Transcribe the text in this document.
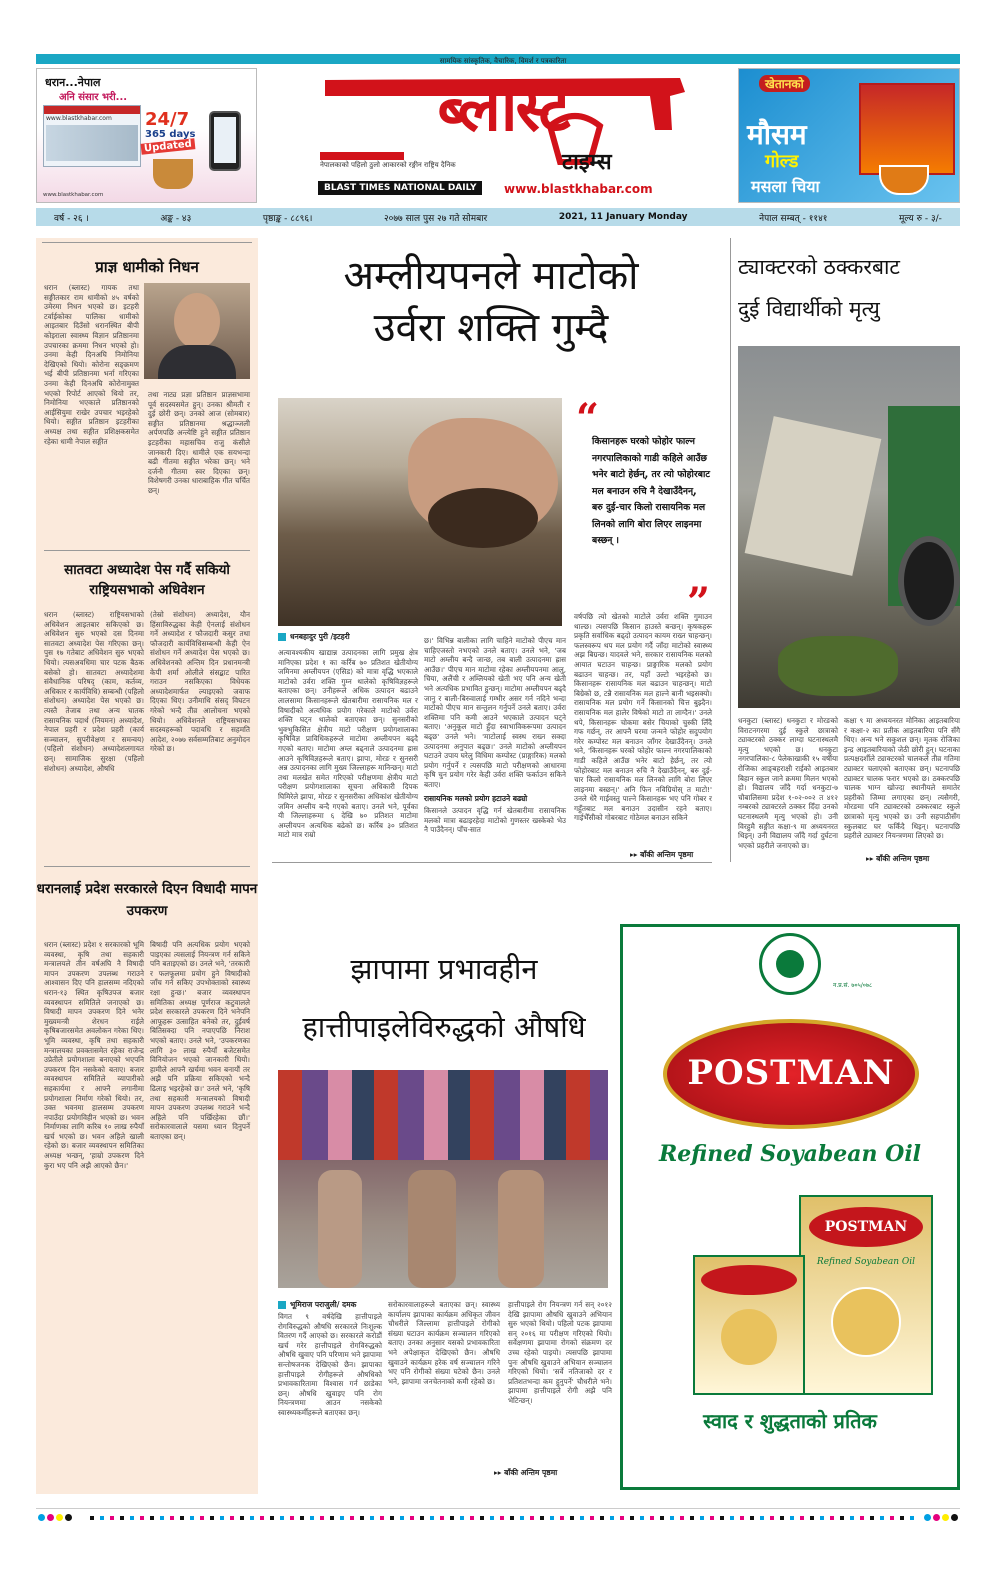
सामयिक सांस्कृतिक, वैचारिक, विमर्श र पत्रकारिता
धरान...नेपाल
अनि संसार भरी...
www.blastkhabar.com	24/7
365 days
Updated
www.blastkhabar.com
ब्लास्ट
टाइम्स
नेपालकाको पहिलो ठुलो आकारको रङ्गीन राष्ट्रिय दैनिक
BLAST TIMES NATIONAL DAILY	www.blastkhabar.com
खेतानको
मौसम
गोल्ड
मसला चिया
वर्ष - २६ ।	अङ्क - ४३	पृष्ठाङ्क - ८८९६।	२०७७ साल पुस २७ गते सोमबार	2021, 11 January Monday	नेपाल सम्बत् - ११४१	मूल्य रु - ३/-
प्राज्ञ धामीको निधन
धरान (ब्लास्ट) गायक तथा सङ्गीतकार राम धामीको ४५ वर्षको उमेरमा निधन भएको छ। इटहरी टर्वाईकोका पालिका धामीको आइतबार दिउँसो धरानस्थित बीपी कोइराला स्वास्थ्य विज्ञान प्रतिष्ठानमा उपचारका क्रममा निधन भएको हो। उनमा केही दिनअघि निमोनिया देखिएको थियो। कोरोना सङ्क्रमण भई बीपी प्रतिष्ठानमा भर्ना गरिएका उनमा केही दिनअघि कोरोनामुक्त भएको रिपोर्ट आएको थियो तर, निमोनिया भएकाले प्रतिष्ठानको आईसियुमा राखेर उपचार भइरहेको थियो। सङ्गीत प्रतिष्ठान इटहरीका अध्यक्ष तथा सङ्गीत प्रशिक्षकसमेत रहेका धामी नेपाल सङ्गीत
तथा नाट्य प्रज्ञा प्रतिष्ठान प्राज्ञसभामा पूर्व सदस्यसमेत हुन्। उनका श्रीमती र दुई छोरी छन्। उनको आज (सोमबार) सङ्गीत प्रतिष्ठानमा श्रद्धाञ्जली अर्पणपछि अन्त्येष्टि हुने सङ्गीत प्रतिष्ठान इटहरीका महासचिव राजु कंसीले जानकारी दिए। धामीले एक सयभन्दा बढी गीतमा सङ्गीत भरेका छन्। भने दर्जनौ गीतमा स्वर दिएका छन्। विशेषगरी उनका धाराबाहिक गीत चर्चित छन्।
सातवटा अध्यादेश पेस गर्दै सकियो राष्ट्रियसभाको अधिवेशन
धरान (ब्लास्ट) राष्ट्रियसभाको अधिवेशन आइतबार सकिएको छ। अधिवेशन सुरु भएको दस दिनमा सातवटा अध्यादेश पेस गरिएका छन्। पुस १७ गतेबाट अधिवेशन सुरु भएको थियो। त्यसअवधिमा चार पटक बैठक बसेको हो। सातवटा अध्यादेशमा संवैधानिक परिषद् (काम, कर्तव्य, अधिकार र कार्यविधि) सम्बन्धी (पहिलो संशोधन) अध्यादेश पेस भएको छ। त्यस्तै तेजाब तथा अन्य घातक रासायनिक पदार्थ (नियमन) अध्यादेश, नेपाल प्रहरी र प्रदेश प्रहरी (कार्य सञ्चालन, सुपरीवेक्षण र समन्वय) (पहिलो संशोधन) अध्यादेशलगायत छन्। सामाजिक सुरक्षा (पहिलो संशोधन) अध्यादेश, औषधि
(तेस्रो संशोधन) अध्यादेश, यौन हिंसाविरुद्धका केही ऐनलाई संशोधन गर्ने अध्यादेश र फौजदारी कसुर तथा फौजदारी कार्यविधिसम्बन्धी केही ऐन संशोधन गर्ने अध्यादेश पेस भएको छ। अधिवेशनको अन्तिम दिन प्रधानमन्त्री केपी शर्मा ओलीले संसद्बाट पारित गराउन नसकिएका विधेयक अध्यादेशमार्फत ल्याइएको जवाफ दिएका थिए। उनीमाथि संसद् विघटन गरेको भन्दै तीव्र आलोचना भएको थियो। अधिवेशनले राष्ट्रियसभाका सदस्यहरूको पदावधि र सहमति आदेश, २०७७ सर्वसम्मतिबाट अनुमोदन गरेको छ।
धरानलाई प्रदेश सरकारले दिएन विधादी मापन उपकरण
धरान (ब्लास्ट) प्रदेश १ सरकारको भूमि व्यवस्था, कृषि तथा सहकारी मन्त्रालयले तीन वर्षअघि नै विषादी मापन उपकरण उपलब्ध गराउने आश्वासन दिए पनि हालसम्म नदिएको धरान-१३ स्थित कृषिउपज बजार व्यवस्थापन समितिले जनाएको छ। विषादी मापन उपकरण दिने भनेर मुख्यमन्त्री शेरधन राईले कृषिबजारसमेत अवलोकन गरेका थिए। भूमि व्यवस्था, कृषि तथा सहकारी मन्त्रालयका प्रवक्तासमेत रहेका राजेन्द्र उप्रेतीले प्रयोगशाला बनाएको भएपनि उपकरण दिन नसकेको बताए। बजार व्यवस्थापन समितिले व्यापारीको सहकार्यमा र आफ्नै लगानीमा प्रयोगशाला निर्माण गरेको थियो। तर, उक्त भवनमा हालसम्म उपकरण नपाउँदा प्रयोगविहीन भएको छ। भवन निर्माणका लागि करिब १० लाख रुपैयाँ खर्च भएको छ। भवन अहिले खाली रहेको छ। बजार व्यवस्थापन समितिका अध्यक्ष भन्छन्, 'हाम्रो उपकरण दिने कुरा भए पनि अझै आएको छैन।'
बिषादी पनि अत्यधिक प्रयोग भएको पाइएका त्यसलाई नियन्त्रण गर्न सकिने पनि बताइएको छ। उनले भने, 'तरकारी र फलफूलमा प्रयोग हुने विषादीको जाँच गर्न सकिए उपभोक्ताको स्वास्थ्य रक्षा हुन्छ।' बजार व्यवस्थापन समितिका अध्यक्ष पूर्णराज कटुवालले प्रदेश सरकारले उपकरण दिने भनेपनि आफूहरू उत्साहित बनेको तर, दुईवर्ष बितिसक्दा पनि नपाएपछि निराश भएको बताए। उनले भने, 'उपकरणका लागि ३० लाख रुपैयाँ बजेटसमेत विनियोजन भएको जानकारी थियो। हामीले आफ्नै खर्चमा भवन बनायौं तर अझै पनि प्रक्रिया सकिएको भन्दै ढिलाइ भइरहेको छ।' उनले भने, 'कृषि तथा सहकारी मन्त्रालयको विषादी मापन उपकरण उपलब्ध गराउने भन्दै अहिले पनि पर्खिरहेका छौं।' सरोकारवालाले यसमा ध्यान दिनुपर्ने बताएका छन्।
अम्लीयपनले माटोको
उर्वरा शक्ति गुम्दै
धनबहादुर पुरी /इटहरी
“
किसानहरू घरको फोहोर फाल्न नगरपालिकाको गाडी कहिले आउँछ भनेर बाटो हेर्छन्, तर त्यो फोहोरबाट मल बनाउन रुचि नै देखाउँदैनन्, बरु दुई-चार किलो रासायनिक मल लिनको लागि बोरा लिएर लाइनमा बस्छन् ।
”
वर्षपछि त्यो खेतको माटोले उर्वरा शक्ति गुमाउन थाल्छ। त्यसपछि किसान हाउस्ते बन्छन्। कृषकहरू प्रकृति सर्वाधिक बढ्दो उत्पादन कायम राख्न चाहन्छन्। फलस्वरूप थप मल प्रयोग गर्दै जाँदा माटोको स्वास्थ्य अझ बिग्रन्छ। यादवले भने, सरकार रासायनिक मलको आयात घटाउन चाहन्छ। प्राङ्गारिक मलको प्रयोग बढाउन चाहन्छ। तर, यहाँ उल्टो भइरहेको छ। किसानहरू रासायनिक मल बढाउन चाहन्छन्। माटो बिग्रेको छ, टन्नै रासायनिक मल हाल्ने बानी भइसक्यो। रासायनिक मल प्रयोग गर्ने किसानको चित्त बुझ्दैन। रासायनिक मल हालेर विषेको माटो ता लाग्दैन।' उनले थपे, किसानहरू चोकमा बसेर चियाको चुस्की लिँदै गफ गर्छन्, तर आफ्नै घरमा जन्मने फोहोर सदुपयोग गरेर कम्पोस्ट मल बनाउन जाँगर देखाउँदैनन्। उनले भने, 'किसानहरू घरको फोहोर फाल्न नगरपालिकाको गाडी कहिले आउँछ भनेर बाटो हेर्छन्, तर त्यो फोहोरबाट मल बनाउन रुचि नै देखाउँदैनन्, बरु दुई-चार किलो रासायनिक मल लिनको लागि बोरा लिएर लाइनमा बस्छन्।' अनि फिन नविग्रियोस् त माटो!' उनले धेरै गाईवस्तु पाल्ने किसानहरू भए पनि गोबर र गहुँतबाट मल बनाउन उदासीन रहने बताए। गाईभैँसीको गोबरबाट गोठेमल बनाउन सकिने
अत्यावश्यकीय खाद्यान्न उत्पादनका लागि प्रमुख क्षेत्र मानिएका प्रदेश १ का कर्रिब ७० प्रतिशत खेतीयोग्य जमिनमा अम्लीयपन (एसिड) को मात्रा वृद्धि भएकाले माटोको उर्वरा शक्ति गुम्न थालेको कृषिविज्ञहरूले बताएका छन्। उनीहरूले अधिक उत्पादन बढाउने लालसामा किसानहरूले खेतबारीमा रासायनिक मल र विषादीको अत्यधिक प्रयोग गरेकाले माटोको उर्वरा शक्ति घट्न थालेको बताएका छन्। सुनसरीको भुक्भुकिसित क्षेत्रीय माटो परीक्षण प्रयोगशालाका कृषिविज्ञ प्राविधिकहरूले माटोमा अम्लीयपन बढ्दै गएको बताए। माटोमा अम्ल बढ्नाले उत्पादनमा ह्रास आउने कृषिविज्ञहरूले बताए। झापा, मोरङ र सुनसरी अन्न उत्पादनका लागि मुख्य जिल्लाहरू मानिन्छन्। माटो तथा मलखेत समेत गरिएको परीक्षणमा क्षेत्रीय माटो परीक्षण प्रयोगशालाका सूचना अधिकारी दिपक घिमिरेले झापा, मोरङ र सुनसरीका अधिकांश खेतीयोग्य जमिन अम्लीय बन्दै गएको बताए। उनले भने, पूर्वका यी जिल्लाहरूमा ६ देखि ७० प्रतिशत माटोमा अम्लीयपन अत्यधिक बढेको छ। कर्रिब ३० प्रतिशत माटो मात्र राम्रो
छ।' विभिन्न बालीका लागि चाहिने माटोको पीएच मान चाहिएजस्तो नभएको उनले बताए। उनले भने, 'जब माटो अम्लीय बन्दै जान्छ, तब बाली उत्पादनमा ह्रास आउँछ।' पीएच मान माटोमा रहेका अम्लीयपनमा आलु, चिया, अलैंची र अम्लियको खेती भए पनि अन्य खेती भने अत्यधिक प्रभावित हुन्छन्। माटोमा अम्लीयपन बढ्दै जानु र बाली-बिरुवालाई गम्भीर असर गर्न नदिने भन्दा माटोको पीएच मान सन्तुलन गर्नुपर्ने उनले बताए। उर्वरा शक्तिमा पनि कमी आउने भएकाले उत्पादन घट्ने बताए। 'अनुकूल माटो हुँदा स्वाभाविकरूपमा उत्पादन बढ्छ' उनले भने। 'माटोलाई स्वस्थ राख्न सक्दा उत्पादनमा अनुपात बढ्छ।' उनले माटोको अम्लीयपन घटाउने उपाय घरेलु विधिमा कम्पोस्ट (प्राङ्गारिक) मलको प्रयोग गर्नुपर्ने र त्यसपछि माटो परीक्षणको आधारमा कृषि चुन प्रयोग गरेर केही उर्वरा शक्ति फर्काउन सकिने बताए।
रासायनिक मलको प्रयोग हटाउने बढ्यो
किसानले उत्पादन वृद्धि गर्न खेतबारीमा रासायनिक मलको मात्रा बढाइरहेदा माटोको गुणस्तर खस्केको भेउ नै पाउँदैनन्। पाँच-सात
▸▸ बाँकी अन्तिम पृष्ठमा
ट्याक्टरको ठक्करबाट
दुई विद्यार्थीको मृत्यु
धनकुटा (ब्लास्ट) धनकुटा र मोरङको विराटनगरमा दुई स्कुले छात्राको ट्याक्टरको ठक्कर लाग्दा घटनास्थलमै मृत्यु भएको छ। धनकुटा नगरपालिका-८ पेलेकाखाकी १५ वर्षीया रोजिका आङ्बहराक्षी राईको आइतबार बिहान स्कुल जाने क्रममा मिलन भएको हो। विद्यालय जाँदै गर्दा धनकुटा-७ चौबालिसमा प्रदेश १-०२-००२ त ४१२ नम्बरको ट्याक्टरले ठक्कर दिँदा उनको घटनास्थलमै मृत्यु भएको हो। उनी विरहुमै सङ्गीत कक्षा-९ मा अध्ययनरत थिइन्। उनी विद्यालय जाँदै गर्दा दुर्घटना भएको प्रहरीले जनाएको छ।
कक्षा ९ मा अध्ययनरत मोनिका आइतबारिया र कक्षा-२ का प्रतीक आइतबारिया पनि सँगै थिए। अन्य भने सकुशल छन्। मृतक रोजिका इन्द्र आइतबारियाको जेठी छोरी हुन्। घटनाका प्रत्यक्षदर्शीले ट्याक्टरको चालकले तीव्र गतिमा ट्याक्टर चलाएको बताएका छन्। घटनापछि ट्याक्टर चालक फरार भएको छ। ठक्करपछि चालक भाग्न खोज्दा स्थानीयले समातेर प्रहरीको जिम्मा लगाएका छन्। त्यसैगरी, मोरङमा पनि ट्याक्टरको ठक्करबाट स्कुले छात्राको मृत्यु भएको छ। उनी सहपाठीसँग स्कुलबाट घर फर्किंदै थिइन्। घटनापछि प्रहरीले ट्याक्टर नियन्त्रणमा लिएको छ।
▸▸ बाँकी अन्तिम पृष्ठमा
झापामा प्रभावहीन
हात्तीपाइलेविरुद्धको औषधि
भूमिराज पराजुली/ दमक
विगत ९ वर्षदेखि हात्तीपाइले रोगविरुद्धको औषधि सरकारले निःशुल्क वितरण गर्दै आएको छ। सरकारले करोडौं खर्च गरेर हात्तीपाइले रोगविरुद्धको औषधि खुवाए पनि परिणाम भने झापामा सन्तोषजनक देखिएको छैन। झापाका हात्तीपाइले रोगीहरूले औषधिको प्रभावकारितामा विश्वास गर्न छाडेका छन्। औषधि खुवाइए पनि रोग नियन्त्रणमा आउन नसकेको स्वास्थ्यकर्मीहरूले बताएका छन्।
सरोकारवालाहरूले बताएका छन्। स्वास्थ्य कार्यालय झापाका कार्यक्रम अधिकृत जीवन चौधरीले जिल्लामा हात्तीपाइले रोगीको संख्या घटाउन कार्यक्रम सञ्चालन गरिएको बताए। उनका अनुसार यसको प्रभावकारिता भने अपेक्षाकृत देखिएको छैन। औषधि खुवाउने कार्यक्रम हरेक वर्ष सञ्चालन गरिने भए पनि रोगीको संख्या घटेको छैन। उनले भने, झापामा जनचेतनाको कमी रहेको छ।
हात्तीपाइले रोग नियन्त्रण गर्न सन् २०१२ देखि झापामा औषधि खुवाउने अभियान सुरु भएको थियो। पहिलो पटक झापामा सन् २०१६ मा परीक्षण गरिएको थियो। सर्वेक्षणमा झापामा रोगको संक्रमण दर उच्च रहेको पाइयो। त्यसपछि झापामा पुनः औषधि खुवाउने अभियान सञ्चालन गरिएको थियो। 'सर्वे नतिजाको दर र प्रतिशतभन्दा कम हुनुपर्ने' चौधरीले भने। झापामा हात्तीपाइले रोगी अझै पनि भेटिन्छन्।
▸▸ बाँकी अन्तिम पृष्ठमा
न.प्र.सं. ७०५/०७८
POSTMAN
Refined Soyabean Oil
POSTMAN
Refined Soyabean Oil
स्वाद र शुद्धताको प्रतिक
